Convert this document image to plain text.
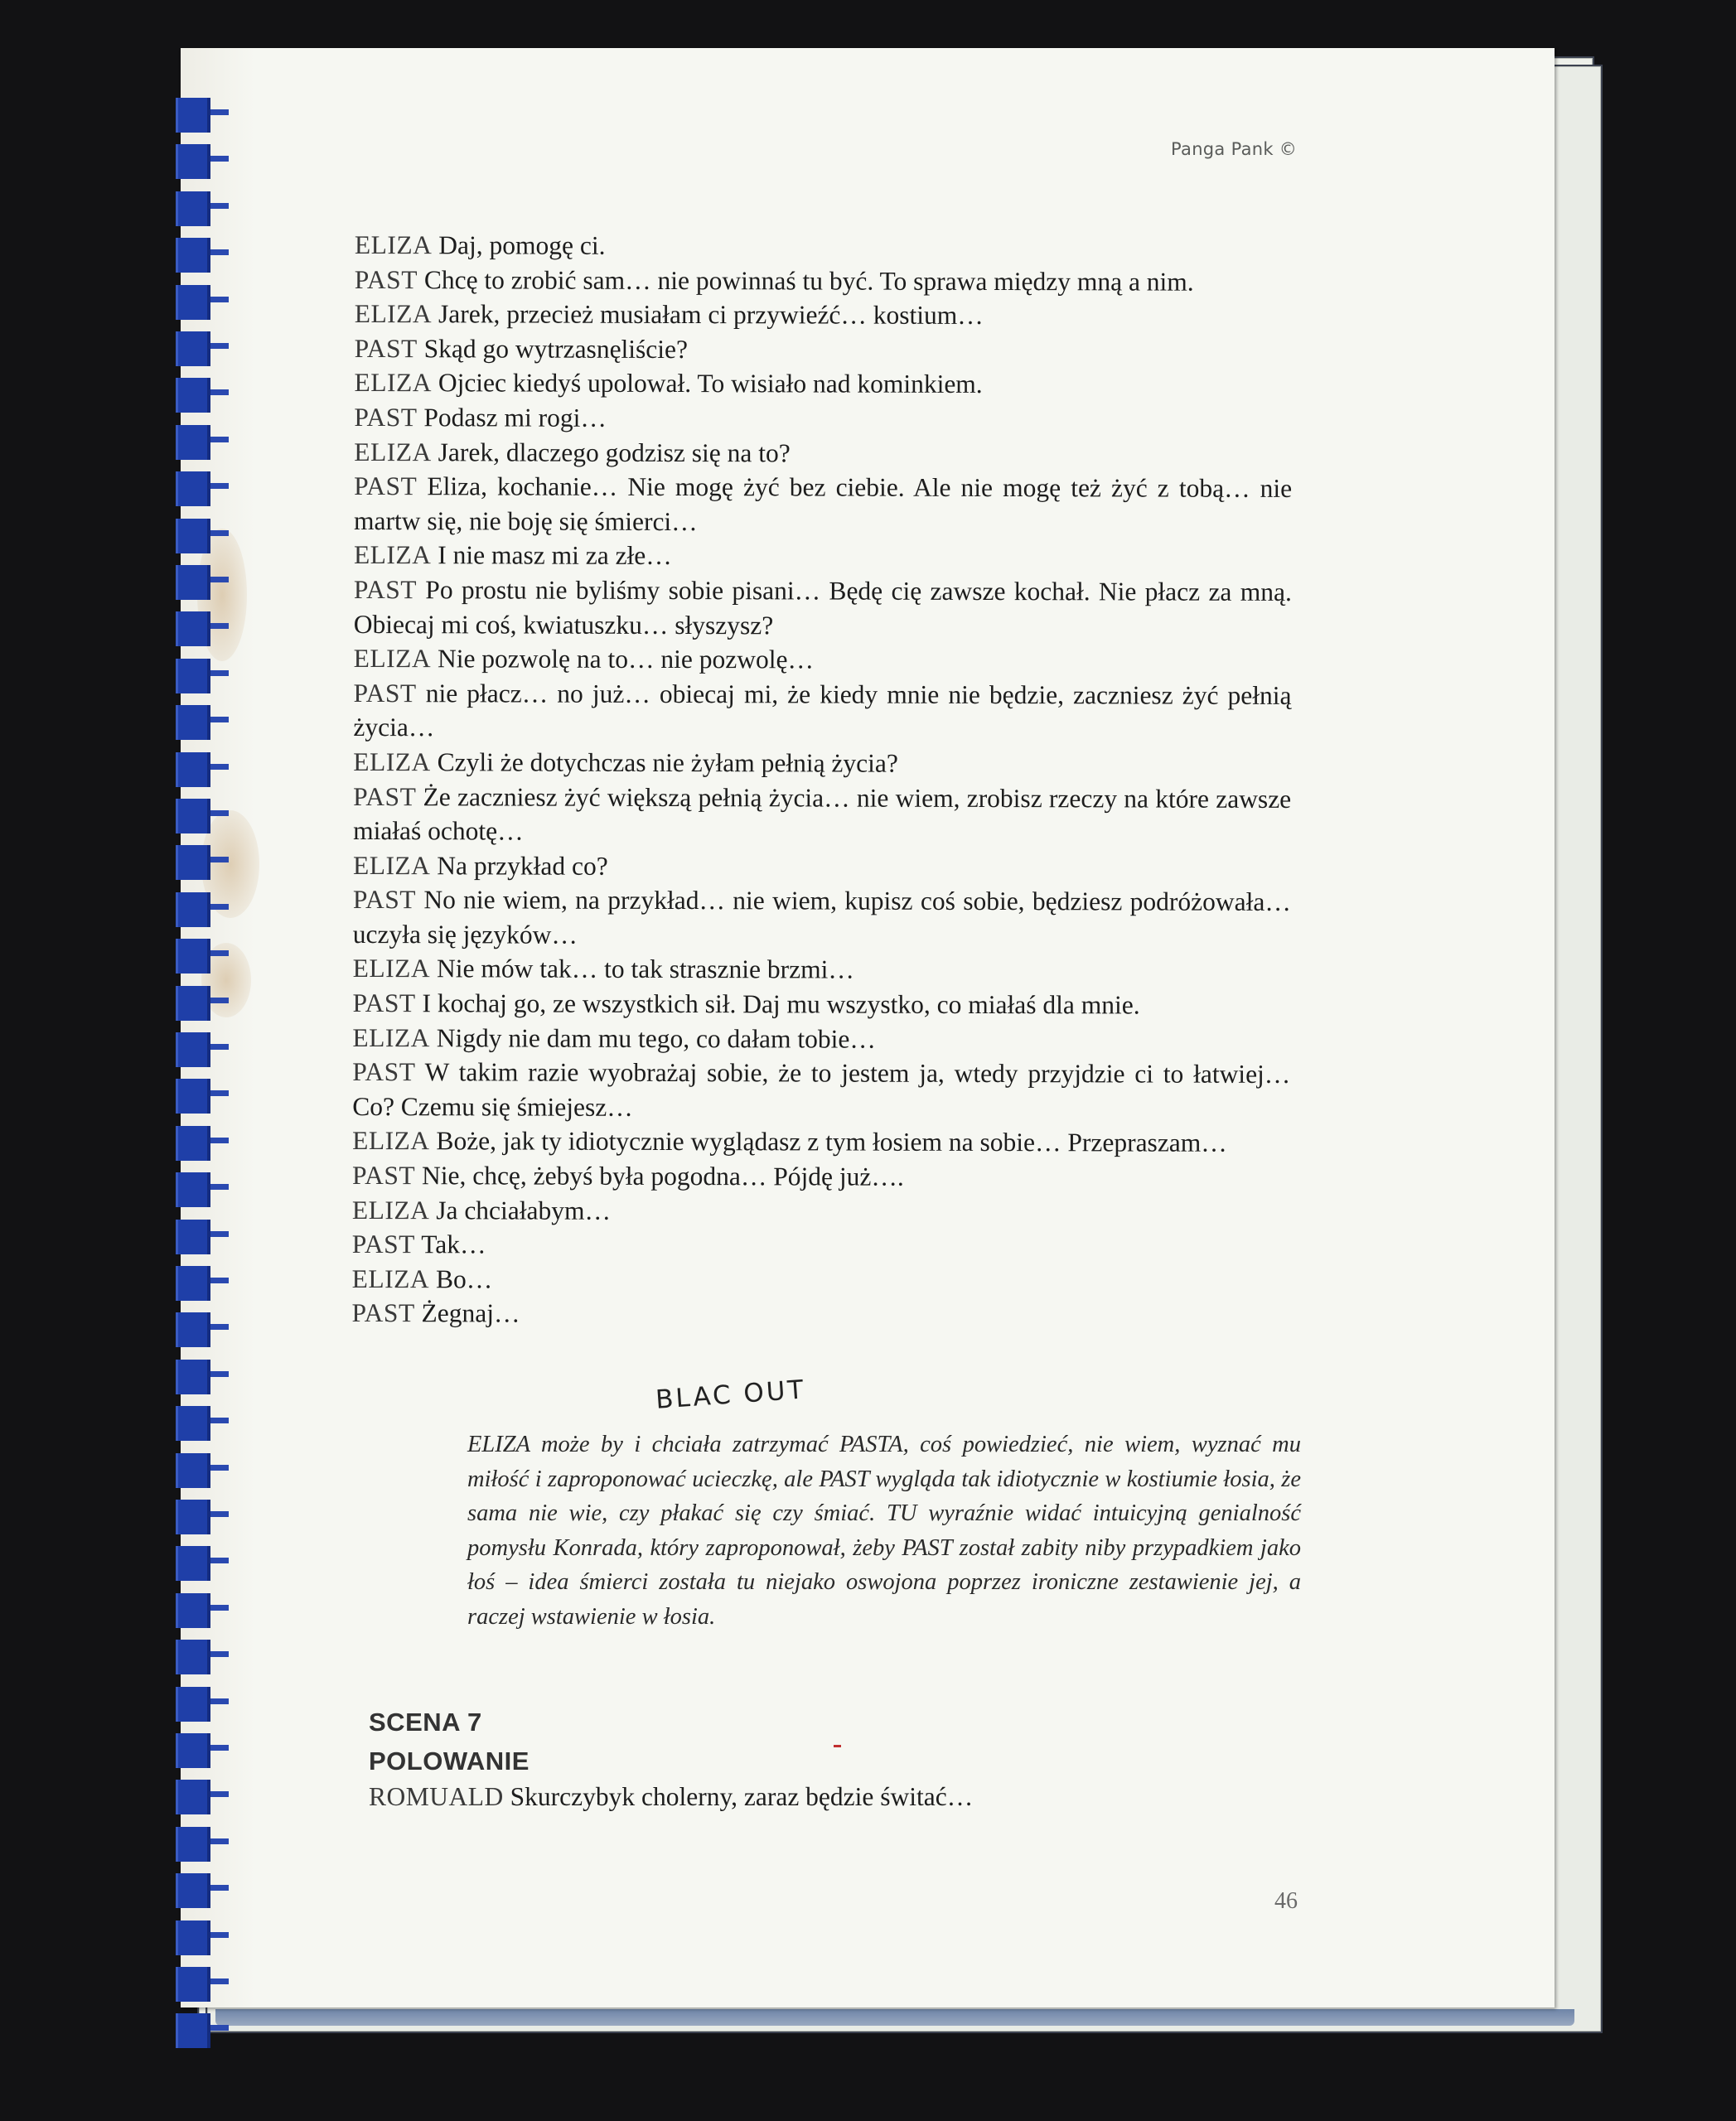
Panga Pank ©

ELIZA Daj, pomogę ci.

PAST Chcę to zrobić sam… nie powinnaś tu być. To sprawa między mną a nim.

ELIZA Jarek, przecież musiałam ci przywieźć… kostium…

PAST Skąd go wytrzasnęliście?

ELIZA Ojciec kiedyś upolował. To wisiało nad kominkiem.

PAST Podasz mi rogi…

ELIZA Jarek, dlaczego godzisz się na to?

PAST Eliza, kochanie… Nie mogę żyć bez ciebie. Ale nie mogę też żyć z tobą… nie martw się, nie boję się śmierci…

ELIZA I nie masz mi za złe…

PAST Po prostu nie byliśmy sobie pisani… Będę cię zawsze kochał. Nie płacz za mną. Obiecaj mi coś, kwiatuszku… słyszysz?

ELIZA Nie pozwolę na to… nie pozwolę…

PAST nie płacz… no już… obiecaj mi, że kiedy mnie nie będzie, zaczniesz żyć pełnią życia…

ELIZA Czyli że dotychczas nie żyłam pełnią życia?

PAST Że zaczniesz żyć większą pełnią życia… nie wiem, zrobisz rzeczy na które zawsze miałaś ochotę…

ELIZA Na przykład co?

PAST No nie wiem, na przykład… nie wiem, kupisz coś sobie, będziesz podróżowała… uczyła się języków…

ELIZA Nie mów tak… to tak strasznie brzmi…

PAST I kochaj go, ze wszystkich sił. Daj mu wszystko, co miałaś dla mnie.

ELIZA Nigdy nie dam mu tego, co dałam tobie…

PAST W takim razie wyobrażaj sobie, że to jestem ja, wtedy przyjdzie ci to łatwiej… Co? Czemu się śmiejesz…

ELIZA Boże, jak ty idiotycznie wyglądasz z tym łosiem na sobie… Przepraszam…

PAST Nie, chcę, żebyś była pogodna… Pójdę już….

ELIZA Ja chciałabym…

PAST Tak…

ELIZA Bo…

PAST Żegnaj…

BLAC OUT

ELIZA może by i chciała zatrzymać PASTA, coś powiedzieć, nie wiem, wyznać mu miłość i zaproponować ucieczkę, ale PAST wygląda tak idiotycznie w kostiumie łosia, że sama nie wie, czy płakać się czy śmiać. TU wyraźnie widać intuicyjną genialność pomysłu Konrada, który zaproponował, żeby PAST został zabity niby przypadkiem jako łoś – idea śmierci została tu niejako oswojona poprzez ironiczne zestawienie jej, a raczej wstawienie w łosia.

SCENA 7
POLOWANIE

ROMUALD Skurczybyk cholerny, zaraz będzie świtać…

46
